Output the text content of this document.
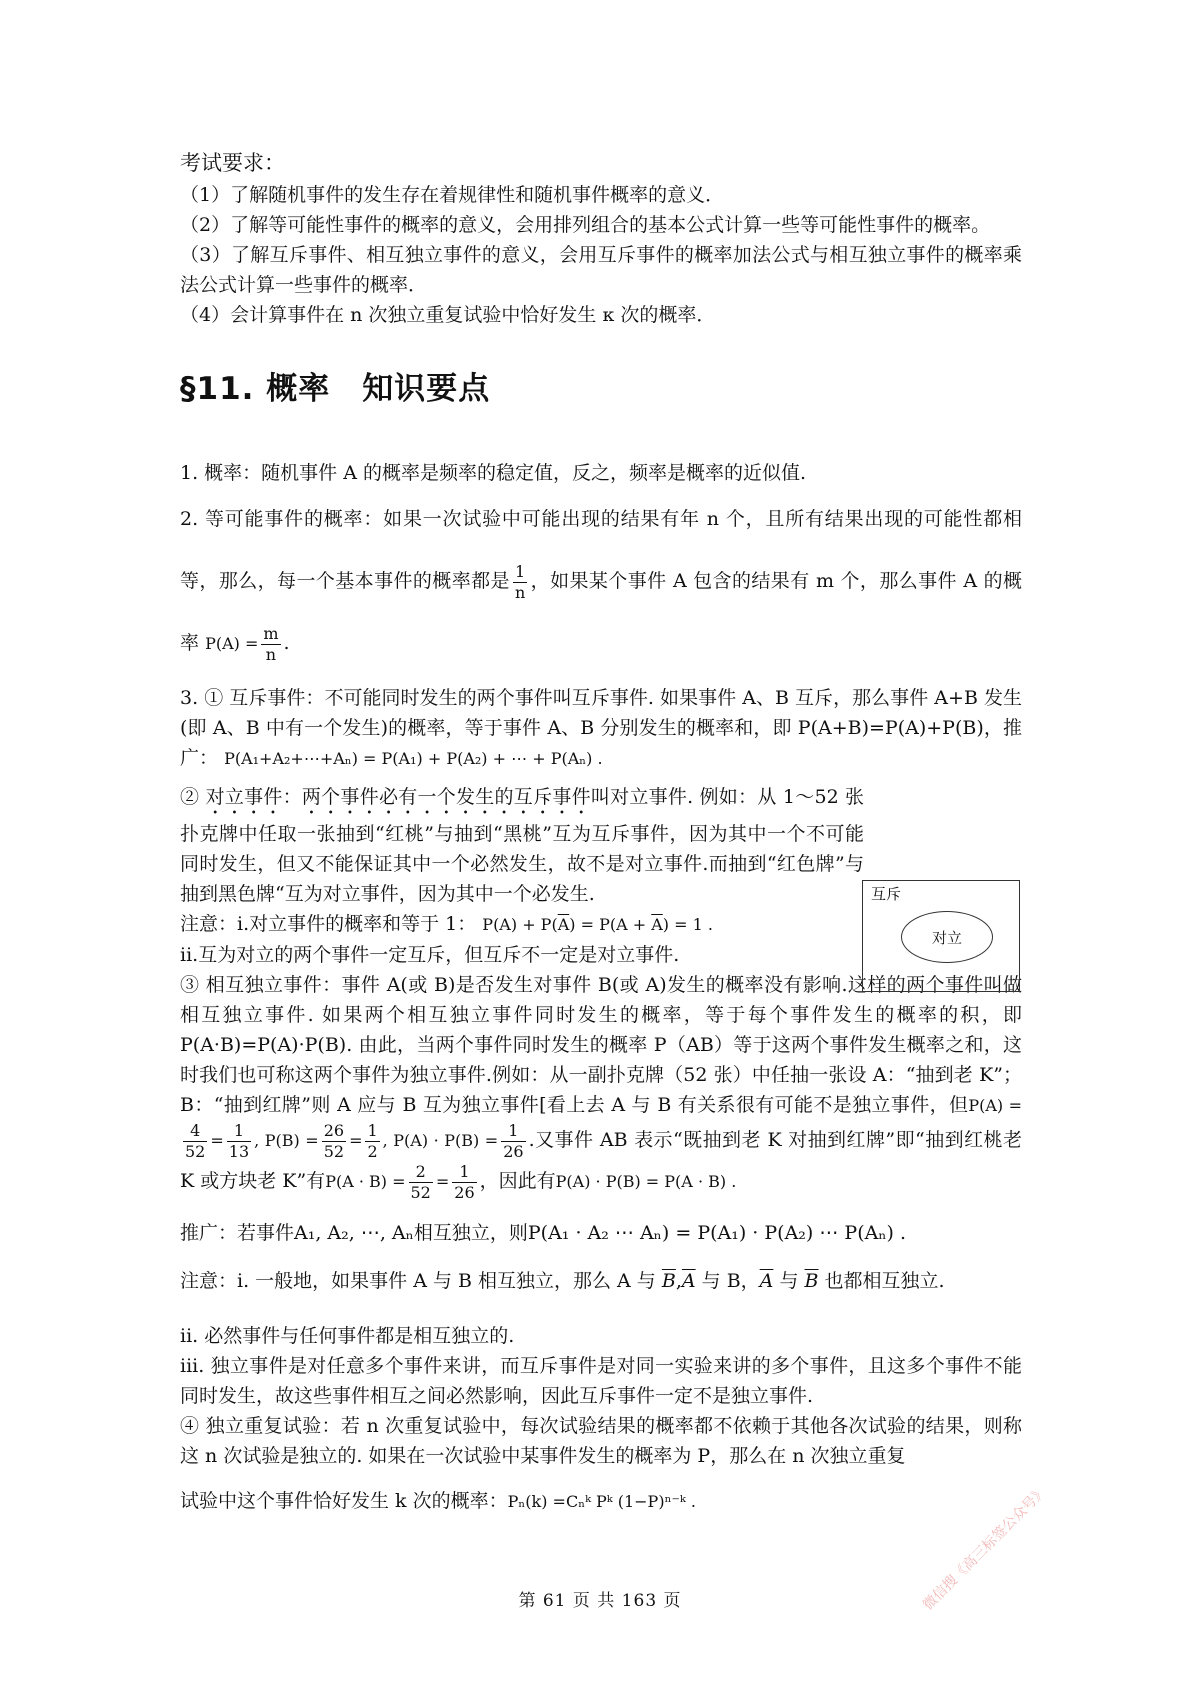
考试要求：

（1）了解随机事件的发生存在着规律性和随机事件概率的意义．

（2）了解等可能性事件的概率的意义，会用排列组合的基本公式计算一些等可能性事件的概率。

（3）了解互斥事件、相互独立事件的意义，会用互斥事件的概率加法公式与相互独立事件的概率乘法公式计算一些事件的概率．

（4）会计算事件在 n 次独立重复试验中恰好发生 κ 次的概率．

§11. 概率　知识要点

1. 概率：随机事件 A 的概率是频率的稳定值，反之，频率是概率的近似值.

2. 等可能事件的概率：如果一次试验中可能出现的结果有年 n 个，且所有结果出现的可能性都相等，那么，每一个基本事件的概率都是 $\frac{1}{n}$ ，如果某个事件 A 包含的结果有 m 个，那么事件 A 的概率 $P(A) = \frac{m}{n}$ .

3. ① 互斥事件：不可能同时发生的两个事件叫互斥事件. 如果事件 A、B 互斥，那么事件 A+B 发生(即 A、B 中有一个发生)的概率，等于事件 A、B 分别发生的概率和，即 P(A+B)=P(A)+P(B)，推广： P(A₁+A₂+⋯+Aₙ) = P(A₁) + P(A₂) + ⋯ + P(Aₙ) .

② 对立事件：两个事件必有一个发生的互斥事件叫对立事件. 例如：从 1～52 张扑克牌中任取一张抽到“红桃”与抽到“黑桃”互为互斥事件，因为其中一个不可能同时发生，但又不能保证其中一个必然发生，故不是对立事件.而抽到“红色牌”与抽到黑色牌“互为对立事件，因为其中一个必发生.

注意：i.对立事件的概率和等于 1： $P(A) + P(\overline{A}) = P(A + \overline{A}) = 1$ .

ii.互为对立的两个事件一定互斥，但互斥不一定是对立事件.

③ 相互独立事件：事件 A(或 B)是否发生对事件 B(或 A)发生的概率没有影响.这样的两个事件叫做相互独立事件. 如果两个相互独立事件同时发生的概率，等于每个事件发生的概率的积，即 P(A·B)=P(A)·P(B). 由此，当两个事件同时发生的概率 P（AB）等于这两个事件发生概率之和，这时我们也可称这两个事件为独立事件.例如：从一副扑克牌（52 张）中任抽一张设 A：“抽到老 K”；B：“抽到红牌”则 A 应与 B 互为独立事件[看上去 A 与 B 有关系很有可能不是独立事件，但P(A) =
$\frac{4}{52} = \frac{1}{13}$ , $P(B) = \frac{26}{52} = \frac{1}{2}$ , $P(A) \cdot P(B) = \frac{1}{26}$ .又事件 AB 表示“既抽到老 K 对抽到红牌”即“抽到红桃老 K 或方块老 K”有$P(A \cdot B) = \frac{2}{52} = \frac{1}{26}$ ，因此有P(A) · P(B) = P(A · B) .

推广：若事件A₁, A₂, ⋯, Aₙ相互独立，则P(A₁ · A₂ ⋯ Aₙ) = P(A₁) · P(A₂) ⋯ P(Aₙ) .

注意：i. 一般地，如果事件 A 与 B 相互独立，那么 A 与 $\overline{B},\overline{A}$ 与 B，$\overline{A}$ 与 $\overline{B}$ 也都相互独立.

ii. 必然事件与任何事件都是相互独立的.

iii. 独立事件是对任意多个事件来讲，而互斥事件是对同一实验来讲的多个事件，且这多个事件不能同时发生，故这些事件相互之间必然影响，因此互斥事件一定不是独立事件.

④ 独立重复试验：若 n 次重复试验中，每次试验结果的概率都不依赖于其他各次试验的结果，则称这 n 次试验是独立的. 如果在一次试验中某事件发生的概率为 P，那么在 n 次独立重复

试验中这个事件恰好发生 k 次的概率：Pₙ(k) =Cₙᵏ Pᵏ (1−P)ⁿ⁻ᵏ .

互斥
对立
第 61 页 共 163 页	微信搜《高三标签公众号》
